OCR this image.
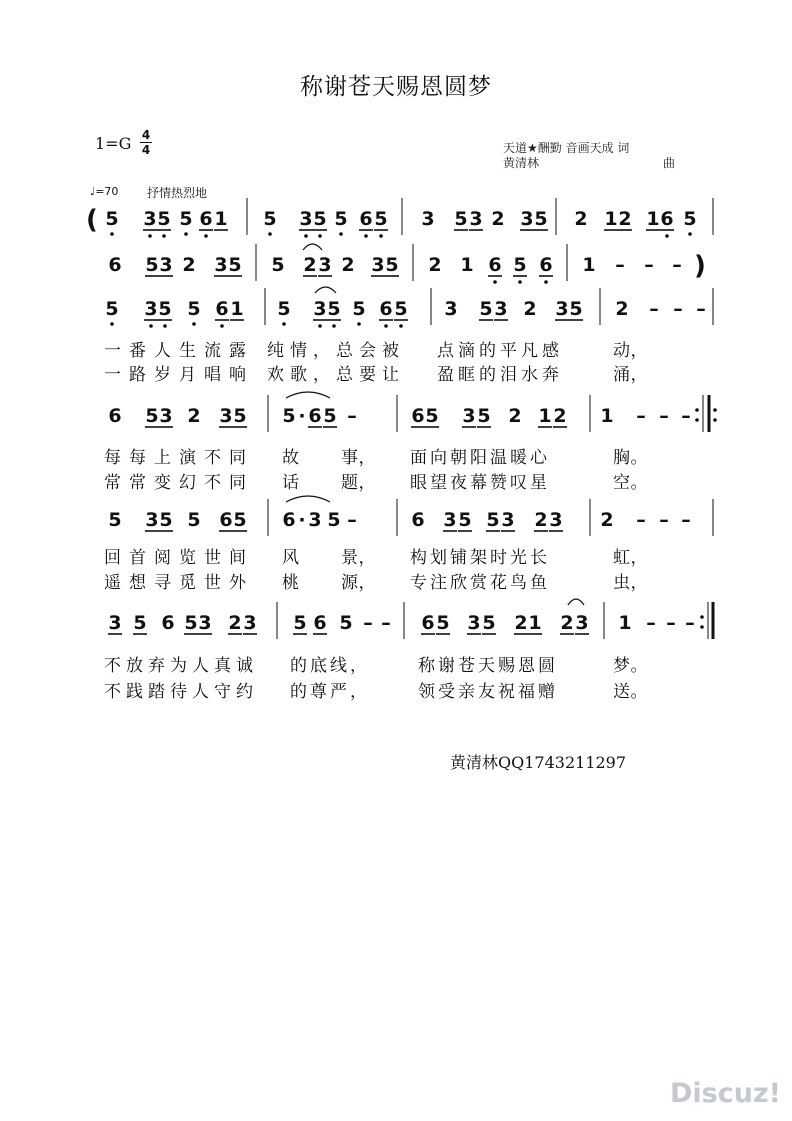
称谢苍天赐恩圆梦
1=G 4
4	天道★酬勤 音画天成 词
黄清林	曲
♩=70 抒情热烈地
5 3 5 5 6 1 5 3 5 5 6 5 3 5 3 2 3 5 2 1 2 1 6 5
6 5 3 2 3 5 5 2 3 2 3 5 2 1 6 5 6 1 – – –
5 3 5 5 6 1 5 3 5 5 6 5 3 5 3 2 3 5 2 – – –
6 5 3 2 3 5 5 · 6 5 –	6 5 3 5 2 1 2 1 – – –
5 3 5 5 6 5 6 · 3 5 –	6 3 5 5 3 2 3 2 – – –
3 5 6 5 3 2 3 5 6 5 – – 6 5 3 5 2 1 2 3 1 – – –
(
)
一番人生流露 纯情，总会被 点滴的平凡感	动，
一路岁月唱响 欢歌，总要让 盈眶的泪水奔	涌，
每每上演不同 故 事， 面向朝阳温暖心	胸。
常常变幻不同 话 题， 眼望夜幕赞叹星	空。
回首阅览世间 风 景， 构划铺架时光长	虹，
遥想寻觅世外 桃 源， 专注欣赏花鸟鱼	虫，
不放弃为人真诚 的底线，	称谢苍天赐恩圆	梦。
不践踏待人守约 的尊严，	领受亲友祝福赠	送。
黄清林QQ1743211297
Discuz!
